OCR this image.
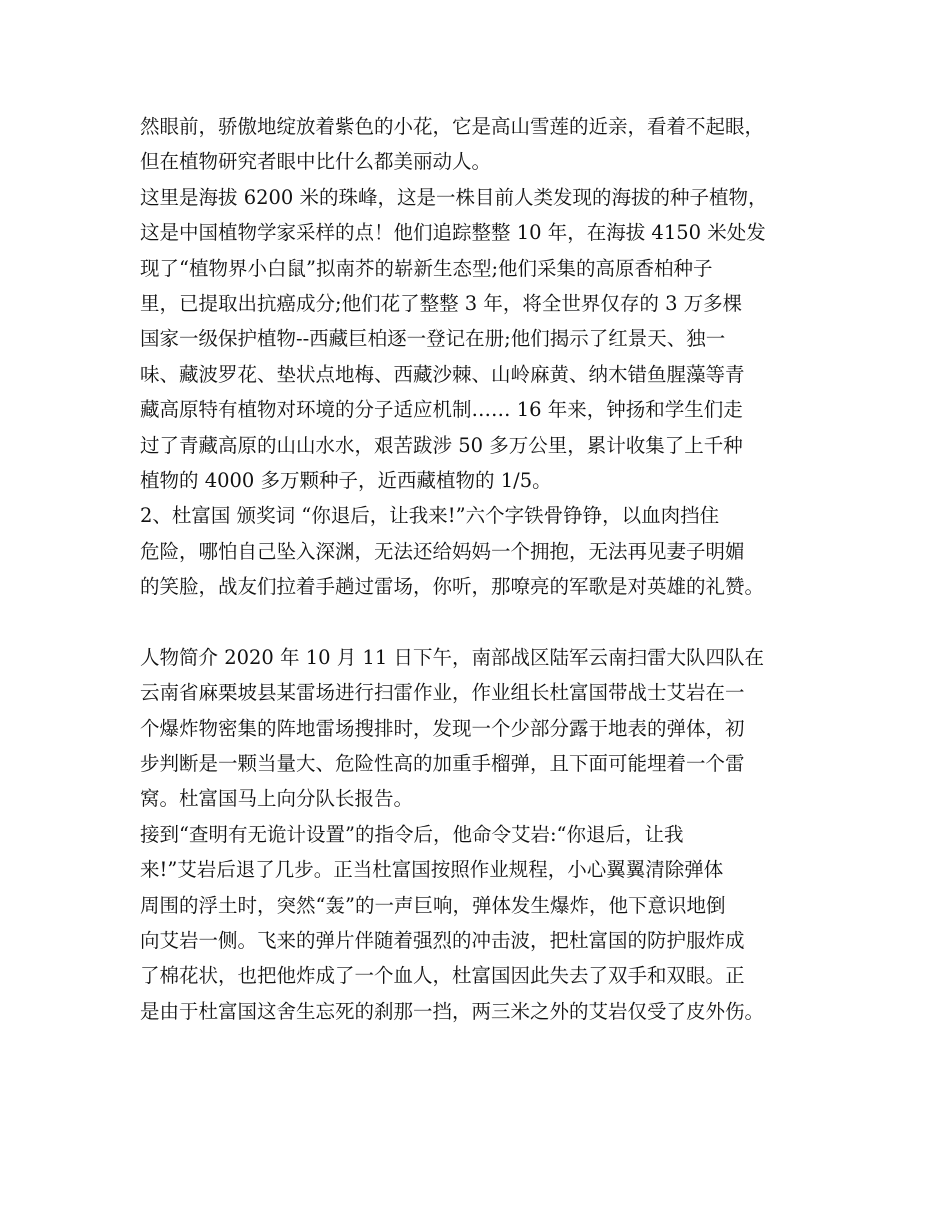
然眼前，骄傲地绽放着紫色的小花，它是高山雪莲的近亲，看着不起眼，
但在植物研究者眼中比什么都美丽动人。
这里是海拔 6200 米的珠峰，这是一株目前人类发现的海拔的种子植物，
这是中国植物学家采样的点！他们追踪整整 10 年，在海拔 4150 米处发
现了“植物界小白鼠”拟南芥的崭新生态型;他们采集的高原香柏种子
里，已提取出抗癌成分;他们花了整整 3 年，将全世界仅存的 3 万多棵
国家一级保护植物--西藏巨柏逐一登记在册;他们揭示了红景天、独一
味、藏波罗花、垫状点地梅、西藏沙棘、山岭麻黄、纳木错鱼腥藻等青
藏高原特有植物对环境的分子适应机制…… 16 年来，钟扬和学生们走
过了青藏高原的山山水水，艰苦跋涉 50 多万公里，累计收集了上千种
植物的 4000 多万颗种子，近西藏植物的 1/5。
2、杜富国 颁奖词 “你退后，让我来!”六个字铁骨铮铮，以血肉挡住
危险，哪怕自己坠入深渊，无法还给妈妈一个拥抱，无法再见妻子明媚
的笑脸，战友们拉着手趟过雷场，你听，那嘹亮的军歌是对英雄的礼赞。
人物简介 2020 年 10 月 11 日下午，南部战区陆军云南扫雷大队四队在
云南省麻栗坡县某雷场进行扫雷作业，作业组长杜富国带战士艾岩在一
个爆炸物密集的阵地雷场搜排时，发现一个少部分露于地表的弹体，初
步判断是一颗当量大、危险性高的加重手榴弹，且下面可能埋着一个雷
窝。杜富国马上向分队长报告。
接到“查明有无诡计设置”的指令后，他命令艾岩:“你退后，让我
来!”艾岩后退了几步。正当杜富国按照作业规程，小心翼翼清除弹体
周围的浮土时，突然“轰”的一声巨响，弹体发生爆炸，他下意识地倒
向艾岩一侧。飞来的弹片伴随着强烈的冲击波，把杜富国的防护服炸成
了棉花状，也把他炸成了一个血人，杜富国因此失去了双手和双眼。正
是由于杜富国这舍生忘死的刹那一挡，两三米之外的艾岩仅受了皮外伤。
